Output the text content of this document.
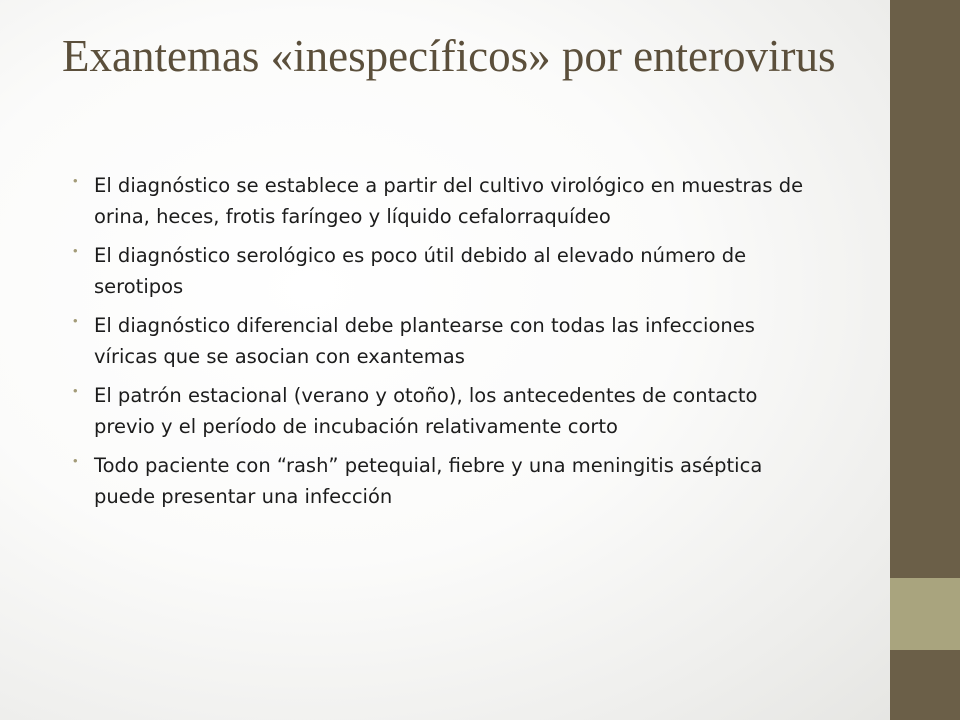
Exantemas «inespecíficos» por enterovirus
• El diagnóstico se establece a partir del cultivo virológico en muestras de orina, heces, frotis faríngeo y líquido cefalorraquídeo
• El diagnóstico serológico es poco útil debido al elevado número de serotipos
• El diagnóstico diferencial debe plantearse con todas las infecciones víricas que se asocian con exantemas
• El patrón estacional (verano y otoño), los antecedentes de contacto previo y el período de incubación relativamente corto
• Todo paciente con “rash” petequial, fiebre y una meningitis aséptica puede presentar una infección
